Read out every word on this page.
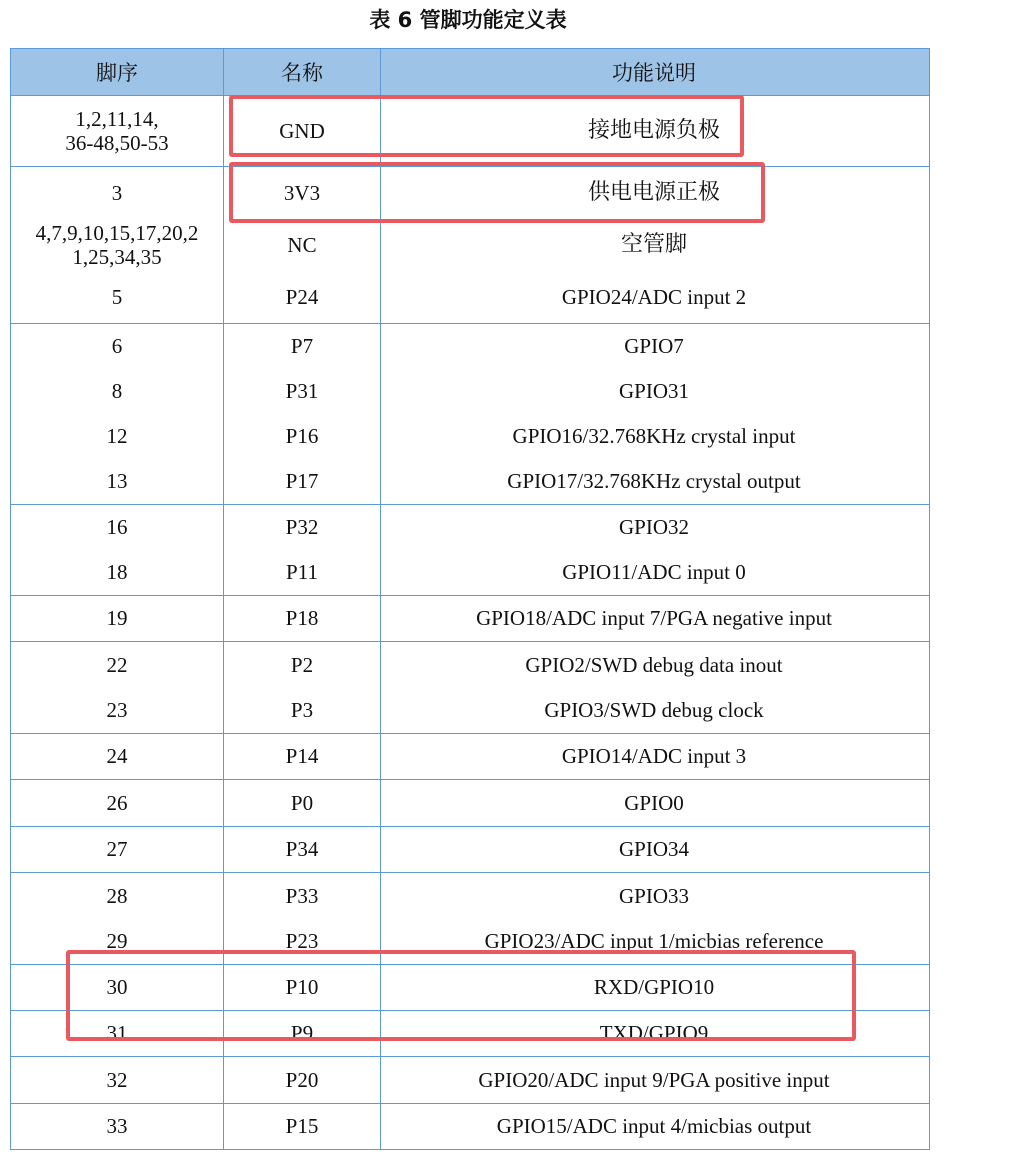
表 6 管脚功能定义表
脚序	名称	功能说明
1,2,11,14,
36-48,50-53
GND	接地电源负极
3	3V3	供电电源正极
4,7,9,10,15,17,20,2
1,25,34,35
NC	空管脚
5	P24	GPIO24/ADC input 2
6	P7	GPIO7
8	P31	GPIO31
12	P16	GPIO16/32.768KHz crystal input
13	P17	GPIO17/32.768KHz crystal output
16	P32	GPIO32
18	P11	GPIO11/ADC input 0
19	P18	GPIO18/ADC input 7/PGA negative input
22	P2	GPIO2/SWD debug data inout
23	P3	GPIO3/SWD debug clock
24	P14	GPIO14/ADC input 3
26	P0	GPIO0
27	P34	GPIO34
28	P33	GPIO33
29	P23	GPIO23/ADC input 1/micbias reference
30	P10	RXD/GPIO10
31	P9	TXD/GPIO9
32	P20	GPIO20/ADC input 9/PGA positive input
33	P15	GPIO15/ADC input 4/micbias output
